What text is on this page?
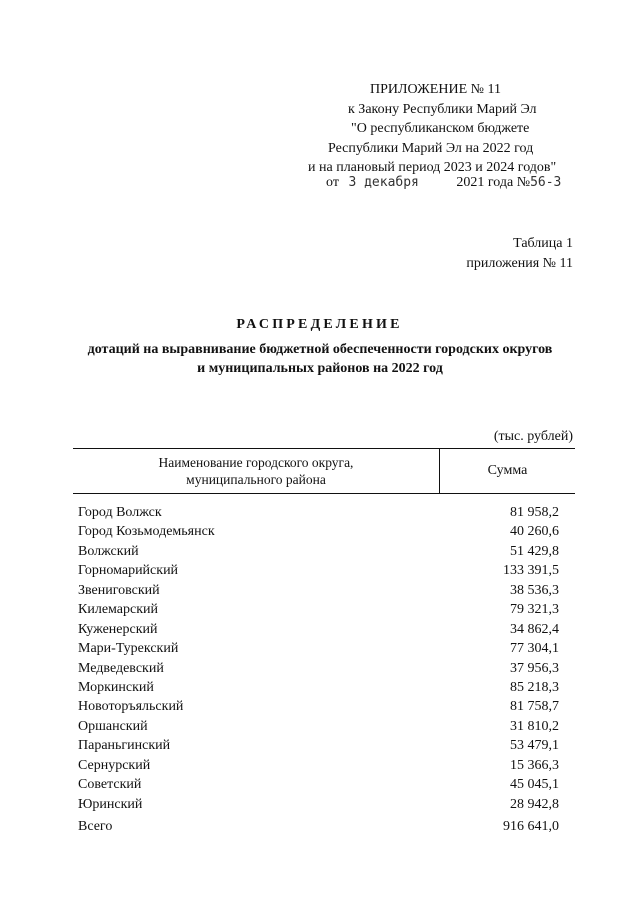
ПРИЛОЖЕНИЕ № 11
к Закону Республики Марий Эл
"О республиканском бюджете
Республики Марий Эл на 2022 год
и на плановый период 2023 и 2024 годов"
от 3 декабря	2021 года №56-З
Таблица 1
приложения № 11
РАСПРЕДЕЛЕНИЕ
дотаций на выравнивание бюджетной обеспеченности городских округов
и муниципальных районов на 2022 год
(тыс. рублей)
Наименование городского округа,
муниципального района
Сумма
Город Волжск	81 958,2
Город Козьмодемьянск	40 260,6
Волжский	51 429,8
Горномарийский	133 391,5
Звениговский	38 536,3
Килемарский	79 321,3
Куженерский	34 862,4
Мари-Турекский	77 304,1
Медведевский	37 956,3
Моркинский	85 218,3
Новоторъяльский	81 758,7
Оршанский	31 810,2
Параньгинский	53 479,1
Сернурский	15 366,3
Советский	45 045,1
Юринский	28 942,8
Всего	916 641,0
